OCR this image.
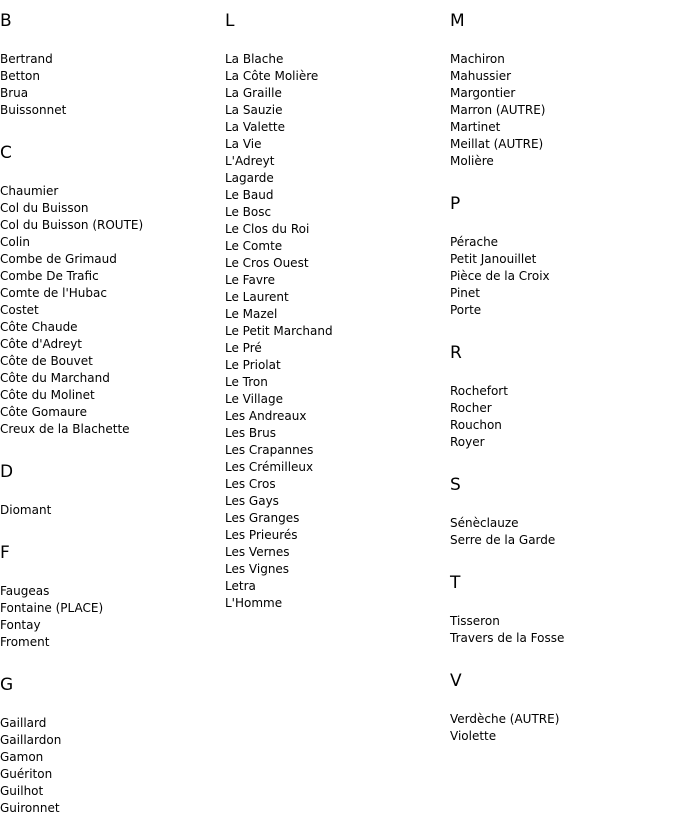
B
Bertrand
Betton
Brua
Buissonnet
C
Chaumier
Col du Buisson
Col du Buisson (ROUTE)
Colin
Combe de Grimaud
Combe De Trafic
Comte de l'Hubac
Costet
Côte Chaude
Côte d'Adreyt
Côte de Bouvet
Côte du Marchand
Côte du Molinet
Côte Gomaure
Creux de la Blachette
D
Diomant
F
Faugeas
Fontaine (PLACE)
Fontay
Froment
G
Gaillard
Gaillardon
Gamon
Guériton
Guilhot
Guironnet
L
La Blache
La Côte Molière
La Graille
La Sauzie
La Valette
La Vie
L'Adreyt
Lagarde
Le Baud
Le Bosc
Le Clos du Roi
Le Comte
Le Cros Ouest
Le Favre
Le Laurent
Le Mazel
Le Petit Marchand
Le Pré
Le Priolat
Le Tron
Le Village
Les Andreaux
Les Brus
Les Crapannes
Les Crémilleux
Les Cros
Les Gays
Les Granges
Les Prieurés
Les Vernes
Les Vignes
Letra
L'Homme
M
Machiron
Mahussier
Margontier
Marron (AUTRE)
Martinet
Meillat (AUTRE)
Molière
P
Pérache
Petit Janouillet
Pièce de la Croix
Pinet
Porte
R
Rochefort
Rocher
Rouchon
Royer
S
Sénèclauze
Serre de la Garde
T
Tisseron
Travers de la Fosse
V
Verdèche (AUTRE)
Violette
